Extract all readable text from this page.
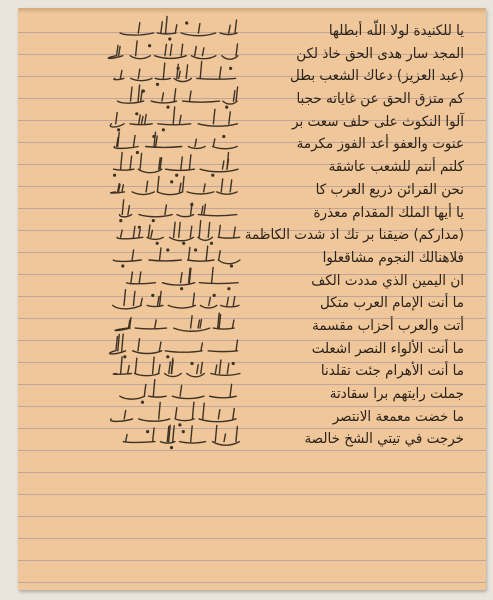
يا للكنيدة لولا اللّه أبطلها
المجد سار هدى الحق خاذ لكن
(عبد العزيز) دعاك الشعب بطل
كم متزق الحق عن غاياته حجبا
آلوا النكوث على حلف سعت بر
عنوت والعفو أعد الفوز مكرمة
كلتم أنتم للشعب عاشقة
نحن القرائن ذريع العرب كا
يا أيها الملك المقدام معذرة
(مداركم) ضيقنا بر تك اذ شدت الكاظمة
فلاهنالك النجوم مشاقعلوا
ان اليمين الذي مددت الكف
ما أنت الإمام العرب متكل
أتت والعرب أحزاب مقسمة
ما أنت الألواء النصر اشعلت
ما أنت الأهرام جئت تقلدنا
جملت رايتهم برا سقادتة
ما خضت معمعة الانتصر
خرجت في تيتي الشخ خالصة
